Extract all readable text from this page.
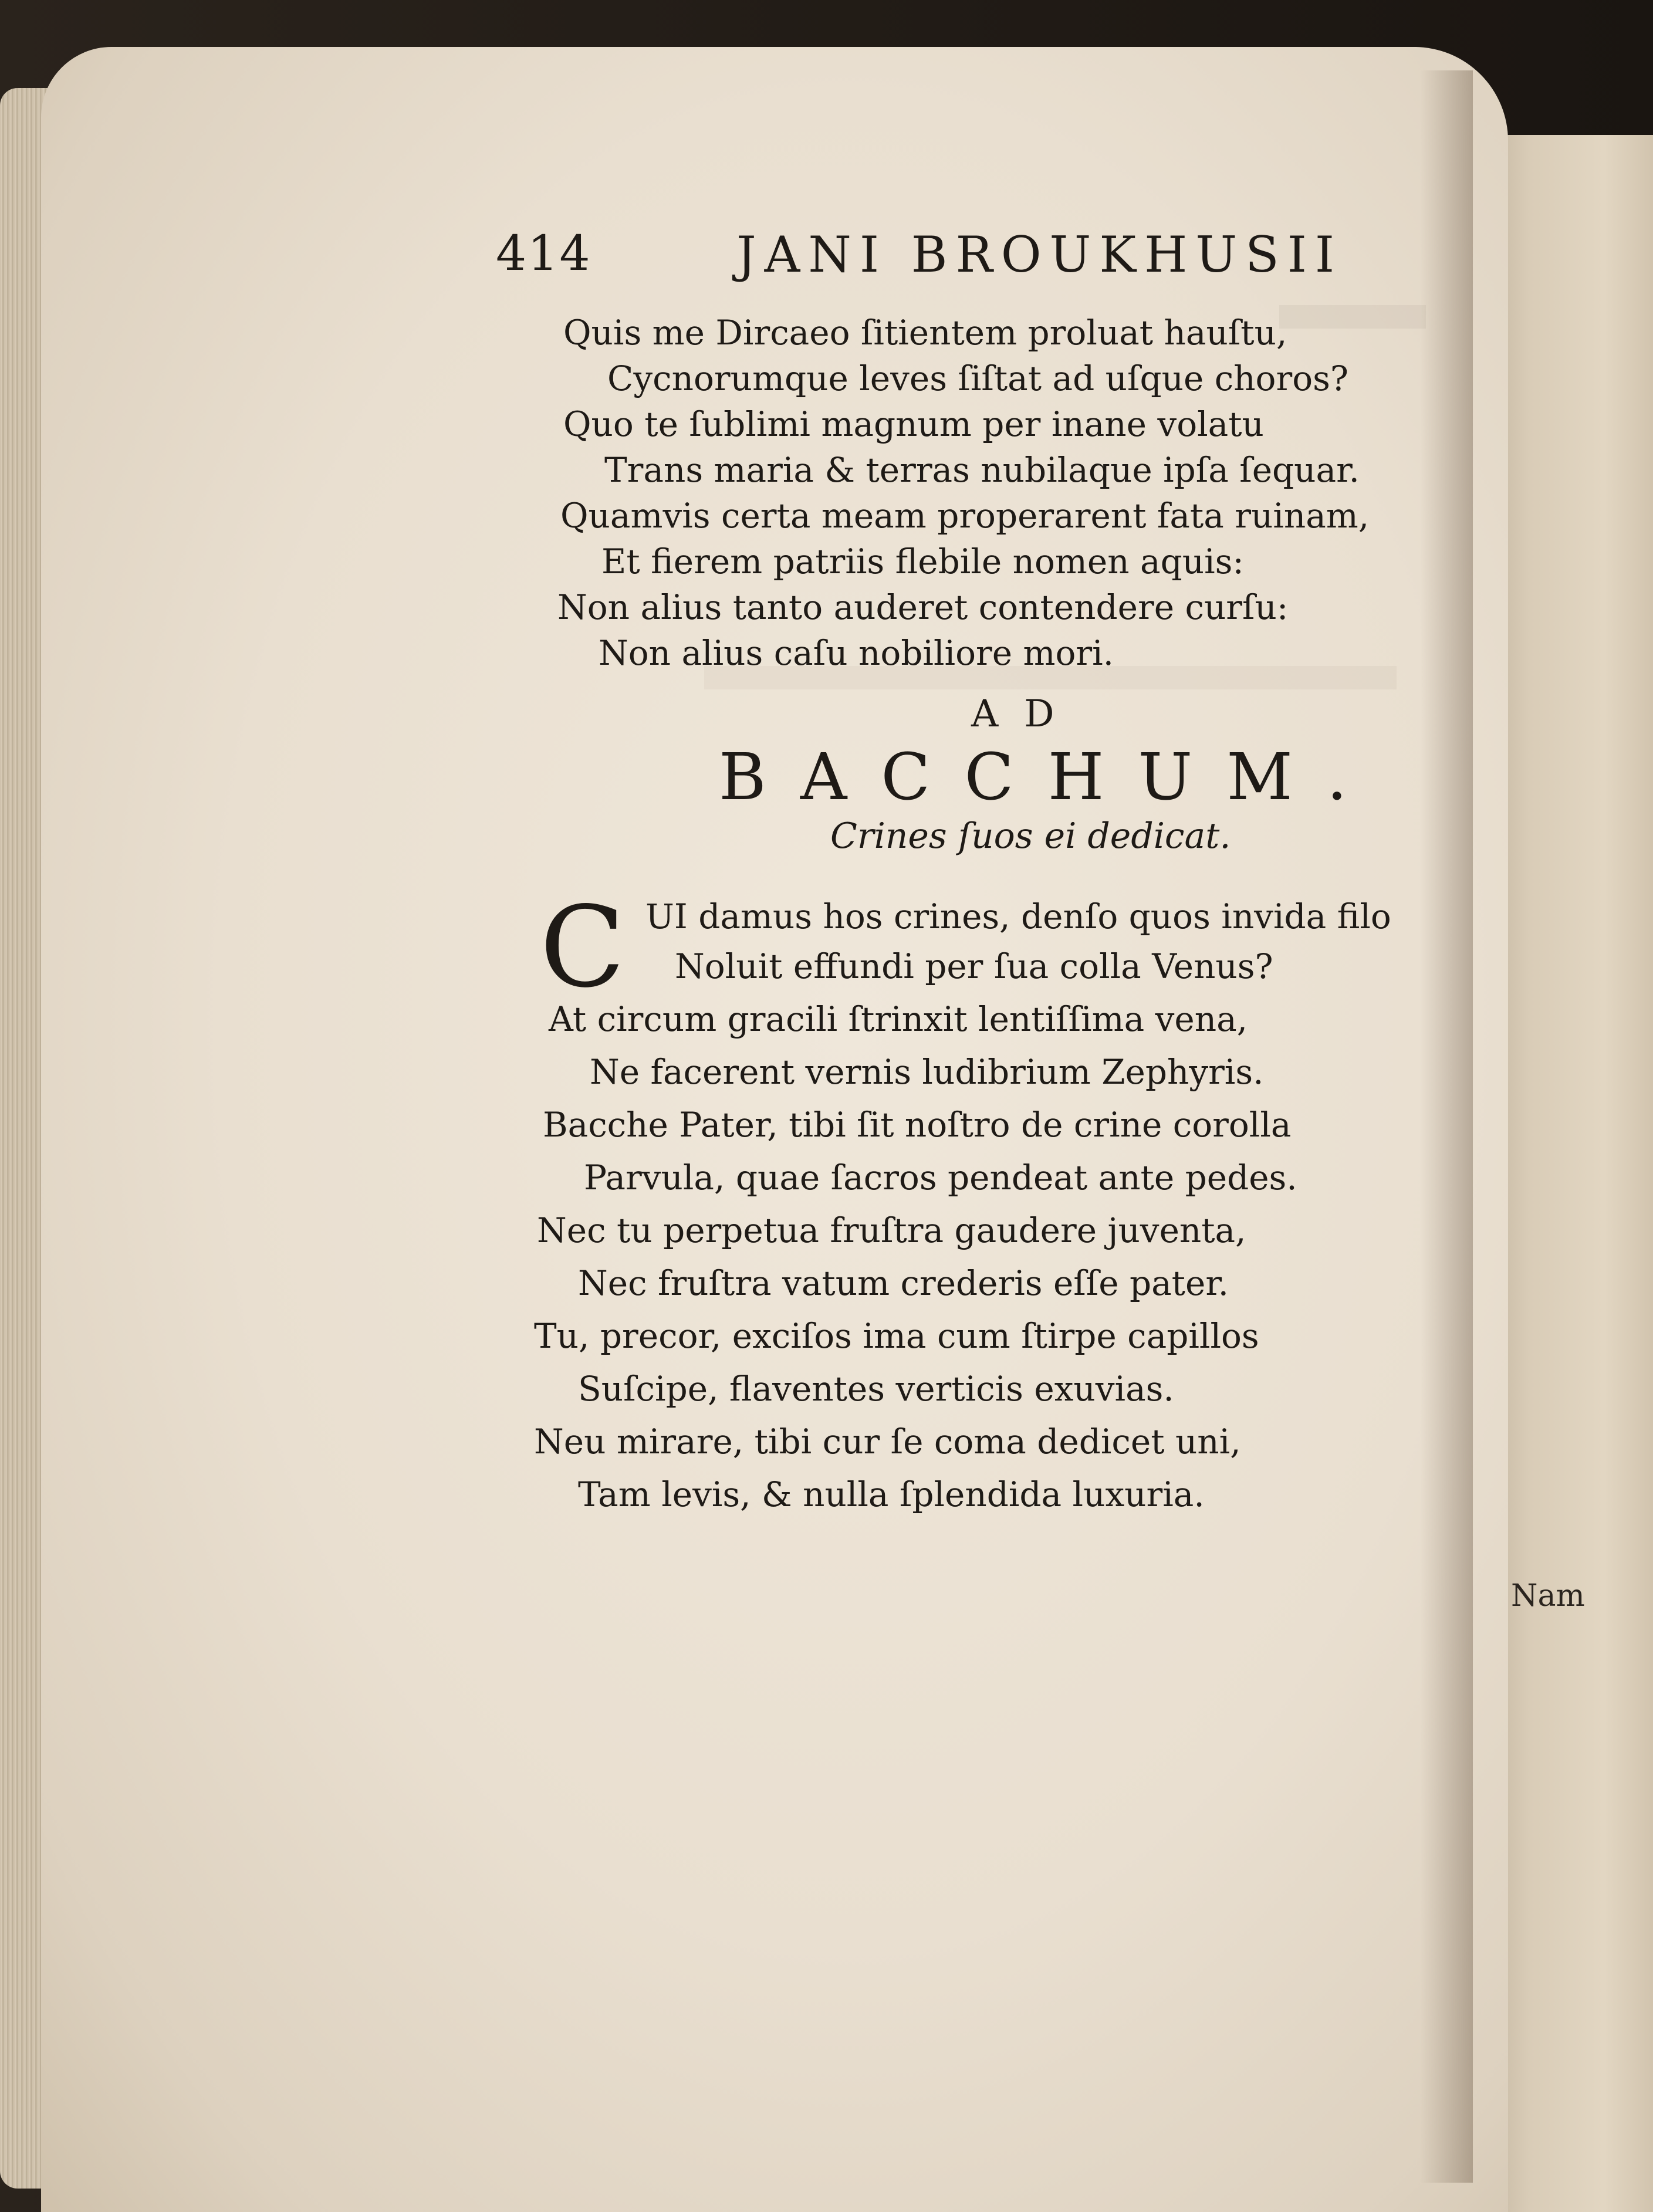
414	JANI BROUKHUSII
Quis me Dircaeo ſitientem proluat hauſtu,
Cycnorumque leves ſiſtat ad uſque choros?
Quo te ſublimi magnum per inane volatu
Trans maria & terras nubilaque ipſa ſequar.
Quamvis certa meam properarent fata ruinam,
Et fierem patriis flebile nomen aquis:
Non alius tanto auderet contendere curſu:
Non alius caſu nobiliore mori.
AD
BACCHUM.
Crines ſuos ei dedicat.
C UI damus hos crines, denſo quos invida filo
Noluit effundi per ſua colla Venus?
At circum gracili ſtrinxit lentiſſima vena,
Ne facerent vernis ludibrium Zephyris.
Bacche Pater, tibi ſit noſtro de crine corolla
Parvula, quae ſacros pendeat ante pedes.
Nec tu perpetua fruſtra gaudere juventa,
Nec fruſtra vatum crederis eſſe pater.
Tu, precor, exciſos ima cum ſtirpe capillos
Suſcipe, flaventes verticis exuvias.
Neu mirare, tibi cur ſe coma dedicet uni,
Tam levis, & nulla ſplendida luxuria.
Nam
